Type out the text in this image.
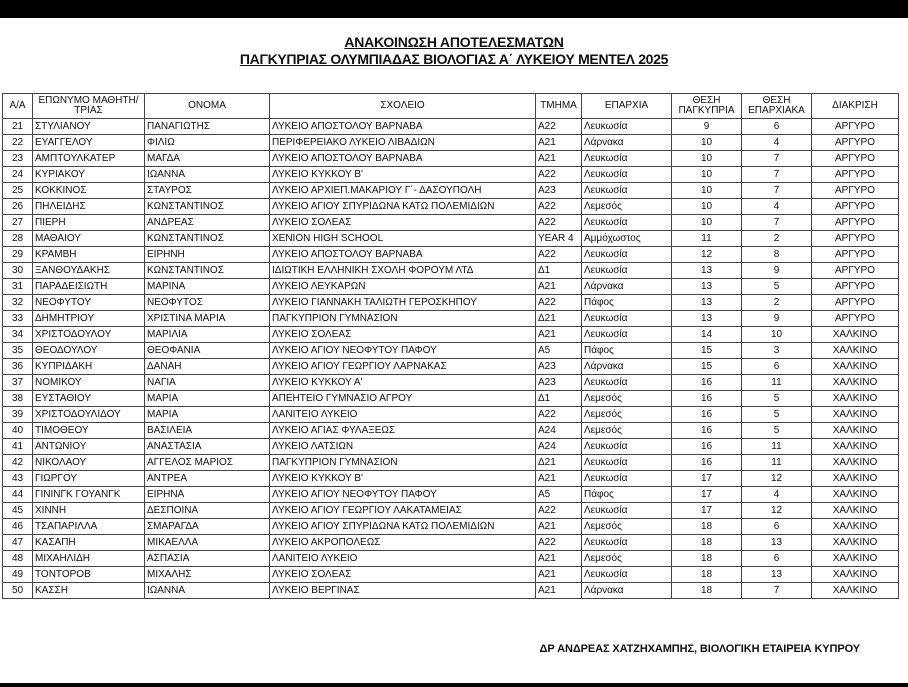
ΑΝΑΚΟΙΝΩΣΗ ΑΠΟΤΕΛΕΣΜΑΤΩΝ
ΠΑΓΚΥΠΡΙΑΣ ΟΛΥΜΠΙΑΔΑΣ ΒΙΟΛΟΓΙΑΣ Α΄ ΛΥΚΕΙΟΥ ΜΕΝΤΕΛ 2025
Α/Α	ΕΠΩΝΥΜΟ ΜΑΘΗΤΗ/ΤΡΙΑΣ	ΟΝΟΜΑ	ΣΧΟΛΕΙΟ	ΤΜΗΜΑ	ΕΠΑΡΧΙΑ	ΘΕΣΗ ΠΑΓΚΥΠΡΙΑ	ΘΕΣΗ ΕΠΑΡΧΙΑΚΑ	ΔΙΑΚΡΙΣΗ
21	ΣΤΥΛΙΑΝΟΥ	ΠΑΝΑΓΙΩΤΗΣ	ΛΥΚΕΙΟ ΑΠΟΣΤΟΛΟΥ ΒΑΡΝΑΒΑ	Α22	Λευκωσία	9	6	ΑΡΓΥΡΟ
22	ΕΥΑΓΓΕΛΟΥ	ΦΙΛΙΩ	ΠΕΡΙΦΕΡΕΙΑΚΟ ΛΥΚΕΙΟ ΛΙΒΑΔΙΩΝ	Α21	Λάρνακα	10	4	ΑΡΓΥΡΟ
23	ΑΜΠΤΟΥΛΚΑΤΕΡ	ΜΑΓΔΑ	ΛΥΚΕΙΟ ΑΠΟΣΤΟΛΟΥ ΒΑΡΝΑΒΑ	Α21	Λευκωσία	10	7	ΑΡΓΥΡΟ
24	ΚΥΡΙΑΚΟΥ	ΙΩΑΝΝΑ	ΛΥΚΕΙΟ ΚΥΚΚΟΥ Β'	Α22	Λευκωσία	10	7	ΑΡΓΥΡΟ
25	ΚΟΚΚΙΝΟΣ	ΣΤΑΥΡΟΣ	ΛΥΚΕΙΟ ΑΡΧΙΕΠ.ΜΑΚΑΡΙΟΥ Γ΄- ΔΑΣΟΥΠΟΛΗ	Α23	Λευκωσία	10	7	ΑΡΓΥΡΟ
26	ΠΗΛΕΙΔΗΣ	ΚΩΝΣΤΑΝΤΙΝΟΣ	ΛΥΚΕΙΟ ΑΓΙΟΥ ΣΠΥΡΙΔΩΝΑ ΚΑΤΩ ΠΟΛΕΜΙΔΙΩΝ	Α22	Λεμεσός	10	4	ΑΡΓΥΡΟ
27	ΠΙΕΡΗ	ΑΝΔΡΕΑΣ	ΛΥΚΕΙΟ ΣΟΛΕΑΣ	Α22	Λευκωσία	10	7	ΑΡΓΥΡΟ
28	ΜΑΘΑΙΟΥ	ΚΩΝΣΤΑΝΤΙΝΟΣ	XENION HIGH SCHOOL	YEAR 4	Αμμόχωστος	11	2	ΑΡΓΥΡΟ
29	ΚΡΑΜΒΗ	ΕΙΡΗΝΗ	ΛΥΚΕΙΟ ΑΠΟΣΤΟΛΟΥ ΒΑΡΝΑΒΑ	Α22	Λευκωσία	12	8	ΑΡΓΥΡΟ
30	ΞΑΝΘΟΥΔΑΚΗΣ	ΚΩΝΣΤΑΝΤΙΝΟΣ	ΙΔΙΩΤΙΚΗ ΕΛΛΗΝΙΚΗ ΣΧΟΛΗ ΦΟΡΟΥΜ ΛΤΔ	Δ1	Λευκωσία	13	9	ΑΡΓΥΡΟ
31	ΠΑΡΑΔΕΙΣΙΩΤΗ	ΜΑΡΙΝΑ	ΛΥΚΕΙΟ ΛΕΥΚΑΡΩΝ	Α21	Λάρνακα	13	5	ΑΡΓΥΡΟ
32	ΝΕΟΦΥΤΟΥ	ΝΕΟΦΥΤΟΣ	ΛΥΚΕΙΟ ΓΙΑΝΝΑΚΗ ΤΑΛΙΩΤΗ ΓΕΡΟΣΚΗΠΟΥ	Α22	Πάφος	13	2	ΑΡΓΥΡΟ
33	ΔΗΜΗΤΡΙΟΥ	ΧΡΙΣΤΙΝΑ ΜΑΡΙΑ	ΠΑΓΚΥΠΡΙΟΝ ΓΥΜΝΑΣΙΟΝ	Δ21	Λευκωσία	13	9	ΑΡΓΥΡΟ
34	ΧΡΙΣΤΟΔΟΥΛΟΥ	ΜΑΡΙΛΙΑ	ΛΥΚΕΙΟ ΣΟΛΕΑΣ	Α21	Λευκωσία	14	10	ΧΑΛΚΙΝΟ
35	ΘΕΟΔΟΥΛΟΥ	ΘΕΟΦΑΝΙΑ	ΛΥΚΕΙΟ ΑΓΙΟΥ ΝΕΟΦΥΤΟΥ ΠΑΦΟΥ	Α5	Πάφος	15	3	ΧΑΛΚΙΝΟ
36	ΚΥΠΡΙΔΑΚΗ	ΔΑΝΑΗ	ΛΥΚΕΙΟ ΑΓΙΟΥ ΓΕΩΡΓΙΟΥ ΛΑΡΝΑΚΑΣ	Α23	Λάρνακα	15	6	ΧΑΛΚΙΝΟ
37	ΝΟΜΙΚΟΥ	ΝΑΓΙΑ	ΛΥΚΕΙΟ ΚΥΚΚΟΥ Α'	Α23	Λευκωσία	16	11	ΧΑΛΚΙΝΟ
38	ΕΥΣΤΑΘΙΟΥ	ΜΑΡΙΑ	ΑΠΕΗΤΕΙΟ ΓΥΜΝΑΣΙΟ ΑΓΡΟΥ	Δ1	Λεμεσός	16	5	ΧΑΛΚΙΝΟ
39	ΧΡΙΣΤΟΔΟΥΛΙΔΟΥ	ΜΑΡΙΑ	ΛΑΝΙΤΕΙΟ ΛΥΚΕΙΟ	Α22	Λεμεσός	16	5	ΧΑΛΚΙΝΟ
40	ΤΙΜΟΘΕΟΥ	ΒΑΣΙΛΕΙΑ	ΛΥΚΕΙΟ ΑΓΙΑΣ ΦΥΛΑΞΕΩΣ	Α24	Λεμεσός	16	5	ΧΑΛΚΙΝΟ
41	ΑΝΤΩΝΙΟΥ	ΑΝΑΣΤΑΣΙΑ	ΛΥΚΕΙΟ ΛΑΤΣΙΩΝ	Α24	Λευκωσία	16	11	ΧΑΛΚΙΝΟ
42	ΝΙΚΟΛΑΟΥ	ΑΓΓΕΛΟΣ ΜΑΡΙΟΣ	ΠΑΓΚΥΠΡΙΟΝ ΓΥΜΝΑΣΙΟΝ	Δ21	Λευκωσία	16	11	ΧΑΛΚΙΝΟ
43	ΓΙΩΡΓΟΥ	ΑΝΤΡΕΑ	ΛΥΚΕΙΟ ΚΥΚΚΟΥ Β'	Α21	Λευκωσία	17	12	ΧΑΛΚΙΝΟ
44	ΓΙΝΙΝΓΚ ΓΟΥΑΝΓΚ	ΕΙΡΗΝΑ	ΛΥΚΕΙΟ ΑΓΙΟΥ ΝΕΟΦΥΤΟΥ ΠΑΦΟΥ	Α5	Πάφος	17	4	ΧΑΛΚΙΝΟ
45	ΧΙΝΝΗ	ΔΕΣΠΟΙΝΑ	ΛΥΚΕΙΟ ΑΓΙΟΥ ΓΕΩΡΓΙΟΥ ΛΑΚΑΤΑΜΕΙΑΣ	Α22	Λευκωσία	17	12	ΧΑΛΚΙΝΟ
46	ΤΣΑΠΑΡΙΛΛΑ	ΣΜΑΡΑΓΔΑ	ΛΥΚΕΙΟ ΑΓΙΟΥ ΣΠΥΡΙΔΩΝΑ ΚΑΤΩ ΠΟΛΕΜΙΔΙΩΝ	Α21	Λεμεσός	18	6	ΧΑΛΚΙΝΟ
47	ΚΑΣΑΠΗ	ΜΙΚΑΕΛΛΑ	ΛΥΚΕΙΟ ΑΚΡΟΠΟΛΕΩΣ	Α22	Λευκωσία	18	13	ΧΑΛΚΙΝΟ
48	ΜΙΧΑΗΛΙΔΗ	ΑΣΠΑΣΙΑ	ΛΑΝΙΤΕΙΟ ΛΥΚΕΙΟ	Α21	Λεμεσός	18	6	ΧΑΛΚΙΝΟ
49	ΤΟΝΤΟΡΟΒ	ΜΙΧΑΛΗΣ	ΛΥΚΕΙΟ ΣΟΛΕΑΣ	Α21	Λευκωσία	18	13	ΧΑΛΚΙΝΟ
50	ΚΑΣΣΗ	ΙΩΑΝΝΑ	ΛΥΚΕΙΟ ΒΕΡΓΙΝΑΣ	Α21	Λάρνακα	18	7	ΧΑΛΚΙΝΟ
ΔΡ ΑΝΔΡΕΑΣ ΧΑΤΖΗΧΑΜΠΗΣ, ΒΙΟΛΟΓΙΚΗ ΕΤΑΙΡΕΙΑ ΚΥΠΡΟΥ
